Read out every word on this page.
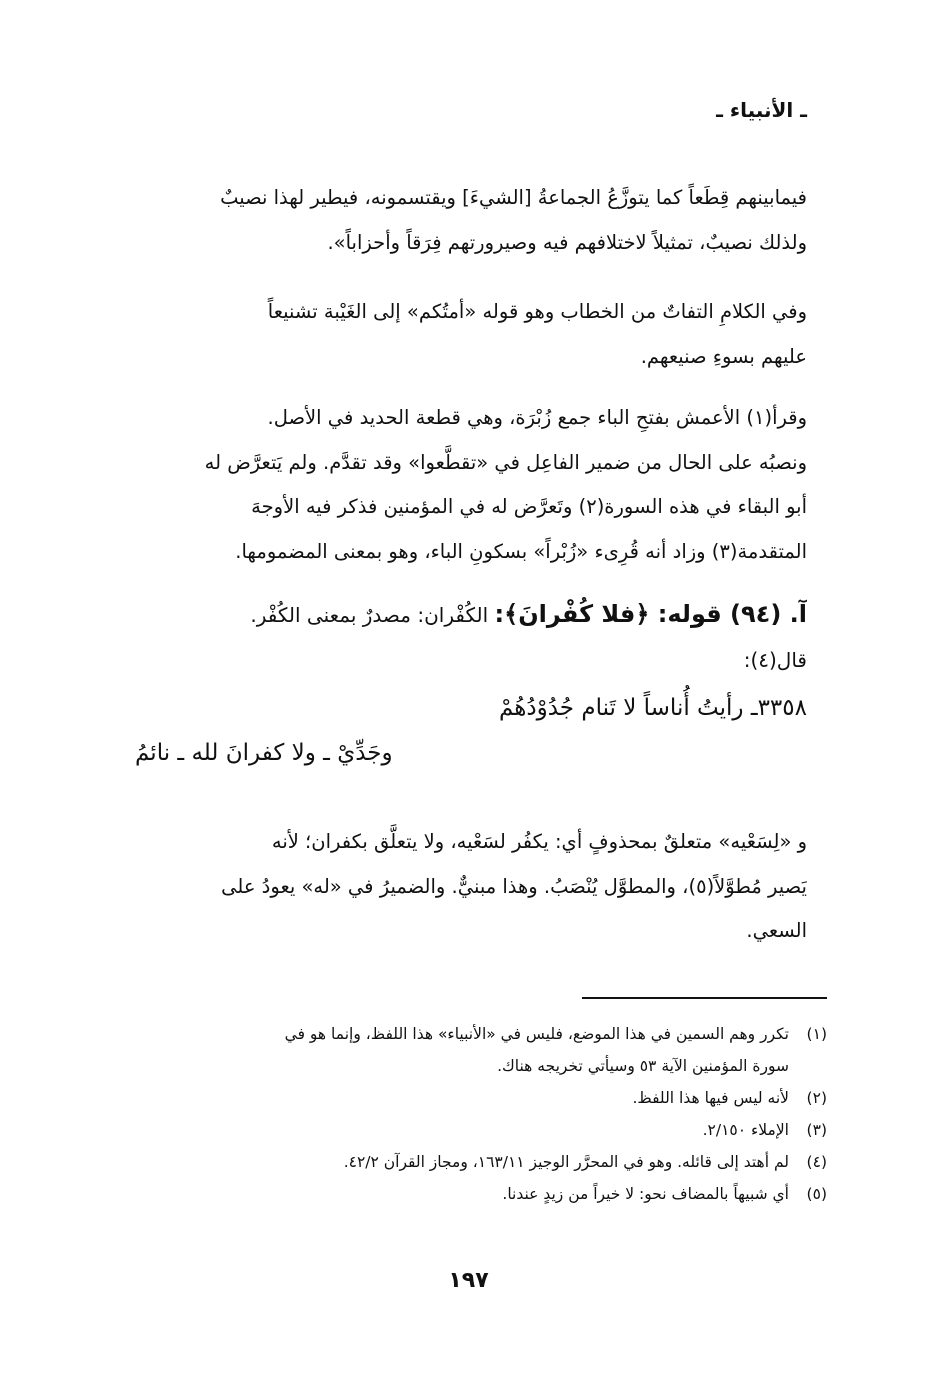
ـ الأنبياء ـ
فيمابينهم قِطَعاً كما يتوزَّعُ الجماعةُ [الشيءَ] ويقتسمونه، فيطير لهذا نصيبٌ
ولذلك نصيبٌ، تمثيلاً لاختلافهم فيه وصيرورتهم فِرَقاً وأحزاباً».
وفي الكلامِ التفاتٌ من الخطاب وهو قوله «أمتُكم» إلى الغَيْبة تشنيعاً
عليهم بسوءِ صنيعهم.
وقرأ(١) الأعمش بفتحِ الباء جمع زُبْرَة، وهي قطعة الحديد في الأصل.
ونصبُه على الحال من ضمير الفاعِل في «تقطَّعوا» وقد تقدَّم. ولم يَتعرَّض له
أبو البقاء في هذه السورة(٢) وتَعرَّض له في المؤمنين فذكر فيه الأوجهَ
المتقدمة(٣) وزاد أنه قُرِىء «زُبْراً» بسكونِ الباء، وهو بمعنى المضمومها.
آ. (٩٤) قوله: ﴿فلا كُفْرانَ﴾: الكُفْران: مصدرٌ بمعنى الكُفْر.
قال(٤):
٣٣٥٨ـ رأيتُ أُناساً لا تَنام جُدُوْدُهُمْ
وجَدِّيْ ـ ولا كفرانَ لله ـ نائمُ
و «لِسَعْيه» متعلقٌ بمحذوفٍ أي: يكفُر لسَعْيه، ولا يتعلَّق بكفران؛ لأنه
يَصير مُطوَّلاً(٥)، والمطوَّل يُنْصَبُ. وهذا مبنيٌّ. والضميرُ في «له» يعودُ على
السعي.
(١)تكرر وهم السمين في هذا الموضع، فليس في «الأنبياء» هذا اللفظ، وإنما هو في
سورة المؤمنين الآية ٥٣ وسيأتي تخريجه هناك.
(٢)لأنه ليس فيها هذا اللفظ.
(٣)الإملاء ٢/١٥٠.
(٤)لم أهتد إلى قائله. وهو في المحرَّر الوجيز ١٦٣/١١، ومجاز القرآن ٤٢/٢.
(٥)أي شبيهاً بالمضاف نحو: لا خيراً من زيدٍ عندنا.
١٩٧
